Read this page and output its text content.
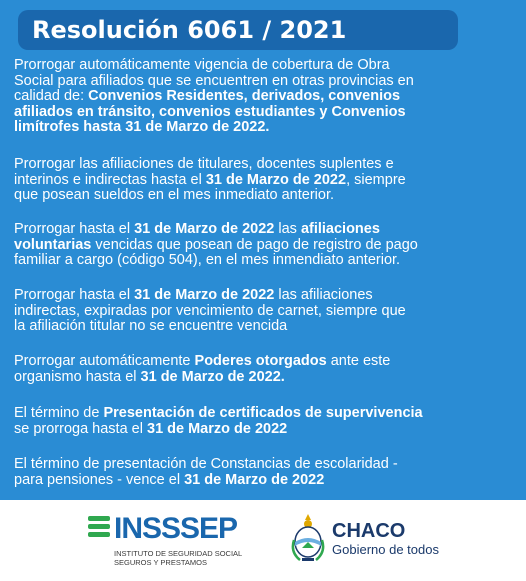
Resolución 6061 / 2021
Prorrogar automáticamente vigencia de cobertura de Obra
Social para afiliados que se encuentren en otras provincias en
calidad de: Convenios Residentes, derivados, convenios
afiliados en tránsito, convenios estudiantes y Convenios
limítrofes hasta 31 de Marzo de 2022.
Prorrogar las afiliaciones de titulares, docentes suplentes e
interinos e indirectas hasta el 31 de Marzo de 2022, siempre
que posean sueldos en el mes inmediato anterior.
Prorrogar hasta el 31 de Marzo de 2022 las afiliaciones
voluntarias vencidas que posean de pago de registro de pago
familiar a cargo (código 504), en el mes inmendiato anterior.
Prorrogar hasta el 31 de Marzo de 2022 las afiliaciones
indirectas, expiradas por vencimiento de carnet, siempre que
la afiliación titular no se encuentre vencida
Prorrogar automáticamente Poderes otorgados ante este
organismo hasta el 31 de Marzo de 2022.
El término de Presentación de certificados de supervivencia
se prorroga hasta el 31 de Marzo de 2022
El término de presentación de Constancias de escolaridad -
para pensiones - vence el 31 de Marzo de 2022
INSSSEP
INSTITUTO DE SEGURIDAD SOCIAL
SEGUROS Y PRESTAMOS
CHACO
Gobierno de todos
